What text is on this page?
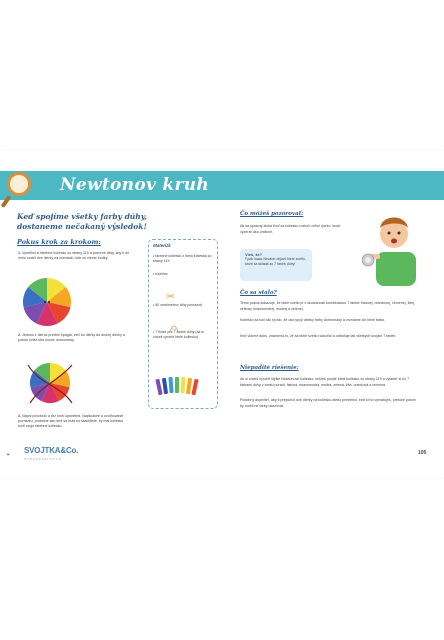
Newtonov kruh
Keď spojíme všetky farby dúhy, dostaneme nečakaný výsledok!
Pokus krok za krokom:
1. Vystrihni si farebné koliesko zo strany 119 a pozorne dbaj, aby ti do neho urobil dve dierky na miestach, kde sú čierne bodky.
2. Jednou z dierok prevleč špagát, veď ho dieľky do druhej dierky a potom zviaž oba konce dohromady.
3. Napni povrázok a drž kruh uprostred. Naplicakne a uvoľňovanie povrázku, podobne ako keď sa hráš so skacidiele, by mal koliesko točiť svoje farebné koliesko.
Materiál:
• farebné koliesko z bielo kolieska zo strany 119
• nožnice
• 80 centimetrov dlhý povrázok
• 7 fixiek pre 7 farieb dúhy (ak si chceš vyrobiť biele koliesko)
✂
Čo môžeš pozorovať:
Ak sa správny kloká Keď sa koliesko roztočí veľmi rýchlo, bude vyzerať ako úmilové.
Vieš, že?
Fyzik Isaac Newton objavil biele svetlo, ktoré sa skladá zo 7 farieb dúhy!
Čo sa stalo?
Tento pokus dokazuje, že biele svetlo je v skutočnosti kombináciou 7 farieb: fialovej, oranžovej, červenej, žltej, zelenej, tmavomodrej, modrej a zelenej.
Koliesko sa točí tak rýchlo, že oko spojí všetky farby dohromady a vnímame ich biele farba.
Keď vidíme dúhu, znamená to, že sa biele svetlo rozložilo a odhaľuje tak všetkých svojich 7 farieb.
Niepadité riešenie:
Ak si chceš vyrobiť štýlke Newtonove koliesko, môžeš použiť biele koliesko zo strany 119 a vyfarbiť si ho 7 farbami dúhy v tomto poradí: fialová, tmavomodrá, modrá, zelená, žltá, oranžová a červená.
Podobný doplniteľ, aby ti prepichol dve dierky na koliesku alebo prestrihol, keď si ho vymaľuješ, pretože potom by mohli ísť farby ukazovať.
SVOJTKA&Co.
VYDAVATEĽSTVO
105
